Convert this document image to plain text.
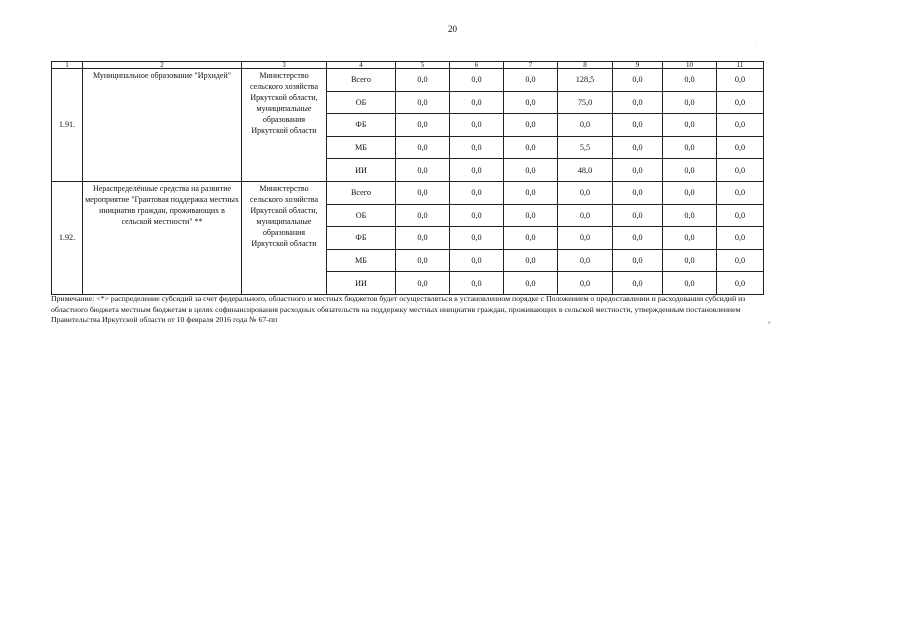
20
1	2	3	4	5	6	7	8	9	10	11
1.91.	Муниципальное образование "Ирхидей"	Министерство сельского хозяйства Иркутской области, муниципальные образования Иркутской области	Всего	0,0	0,0	0,0	128,5	0,0	0,0	0,0
			ОБ	0,0	0,0	0,0	75,0	0,0	0,0	0,0
			ФБ	0,0	0,0	0,0	0,0	0,0	0,0	0,0
			МБ	0,0	0,0	0,0	5,5	0,0	0,0	0,0
			ИИ	0,0	0,0	0,0	48,0	0,0	0,0	0,0
1.92.	Нераспределённые средства на развитие мероприятие "Грантовая поддержка местных инициатив граждан, проживающих в сельской местности" **	Министерство сельского хозяйства Иркутской области, муниципальные образования Иркутской области	Всего	0,0	0,0	0,0	0,0	0,0	0,0	0,0
			ОБ	0,0	0,0	0,0	0,0	0,0	0,0	0,0
			ФБ	0,0	0,0	0,0	0,0	0,0	0,0	0,0
			МБ	0,0	0,0	0,0	0,0	0,0	0,0	0,0
			ИИ	0,0	0,0	0,0	0,0	0,0	0,0	0,0
Примечание: <*> распределение субсидий за счет федерального, областного и местных бюджетов будет осуществляться в установленном порядке с Положением о предоставлении и расходовании субсидий из областного бюджета местным бюджетам в целях софинансирования расходных обязательств на поддержку местных инициатив граждан, проживающих в сельской местности, утвержденным постановлением Правительства Иркутской области от 10 февраля 2016 года № 67-пп	ɴ
·
